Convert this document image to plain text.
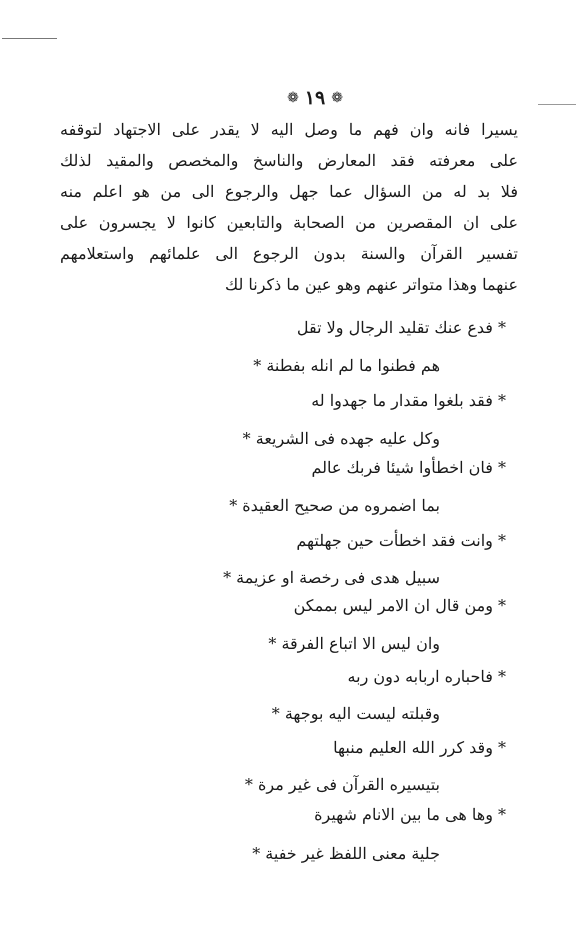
❁
١٩
❁
يسيرا فانه وان فهم ما وصل اليه لا يقدر على الاجتهاد لتوقفه
على معرفته فقد المعارض والناسخ والمخصص والمقيد لذلك
فلا بد له من السؤال عما جهل والرجوع الى من هو اعلم منه
على ان المقصرين من الصحابة والتابعين كانوا لا يجسرون على
تفسير القرآن والسنة بدون الرجوع الى علمائهم واستعلامهم
عنهما وهذا متواتر عنهم وهو عين ما ذكرنا لك
* فدع عنك تقليد الرجال ولا تقل
هم فطنوا ما لم انله بفطنة *
* فقد بلغوا مقدار ما جهدوا له
وكل عليه جهده فى الشريعة *
* فان اخطأوا شيئا فربك عالم
بما اضمروه من صحيح العقيدة *
* وانت فقد اخطأت حين جهلتهم
سبيل هدى فى رخصة او عزيمة *
* ومن قال ان الامر ليس بممكن
وان ليس الا اتباع الفرقة *
* فاحباره اربابه دون ربه
وقبلته ليست اليه بوجهة *
* وقد كرر الله العليم منبها
بتيسيره القرآن فى غير مرة *
* وها هى ما بين الانام شهيرة
جلية معنى اللفظ غير خفية *
